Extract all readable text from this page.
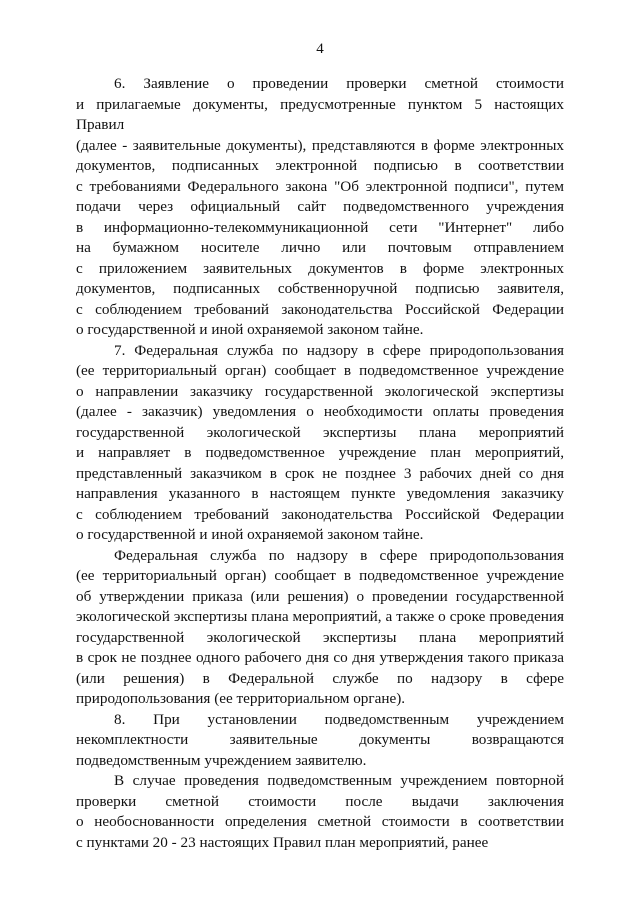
4
6. Заявление о проведении проверки сметной стоимости
и прилагаемые документы, предусмотренные пунктом 5 настоящих Правил
(далее - заявительные документы), представляются в форме электронных
документов, подписанных электронной подписью в соответствии
с требованиями Федерального закона "Об электронной подписи", путем
подачи через официальный сайт подведомственного учреждения
в информационно-телекоммуникационной сети "Интернет" либо
на бумажном носителе лично или почтовым отправлением
с приложением заявительных документов в форме электронных
документов, подписанных собственноручной подписью заявителя,
с соблюдением требований законодательства Российской Федерации
о государственной и иной охраняемой законом тайне.
7. Федеральная служба по надзору в сфере природопользования
(ее территориальный орган) сообщает в подведомственное учреждение
о направлении заказчику государственной экологической экспертизы
(далее - заказчик) уведомления о необходимости оплаты проведения
государственной экологической экспертизы плана мероприятий
и направляет в подведомственное учреждение план мероприятий,
представленный заказчиком в срок не позднее 3 рабочих дней со дня
направления указанного в настоящем пункте уведомления заказчику
с соблюдением требований законодательства Российской Федерации
о государственной и иной охраняемой законом тайне.
Федеральная служба по надзору в сфере природопользования
(ее территориальный орган) сообщает в подведомственное учреждение
об утверждении приказа (или решения) о проведении государственной
экологической экспертизы плана мероприятий, а также о сроке проведения
государственной экологической экспертизы плана мероприятий
в срок не позднее одного рабочего дня со дня утверждения такого приказа
(или решения) в Федеральной службе по надзору в сфере
природопользования (ее территориальном органе).
8. При установлении подведомственным учреждением
некомплектности заявительные документы возвращаются
подведомственным учреждением заявителю.
В случае проведения подведомственным учреждением повторной
проверки сметной стоимости после выдачи заключения
о необоснованности определения сметной стоимости в соответствии
с пунктами 20 - 23 настоящих Правил план мероприятий, ранее
